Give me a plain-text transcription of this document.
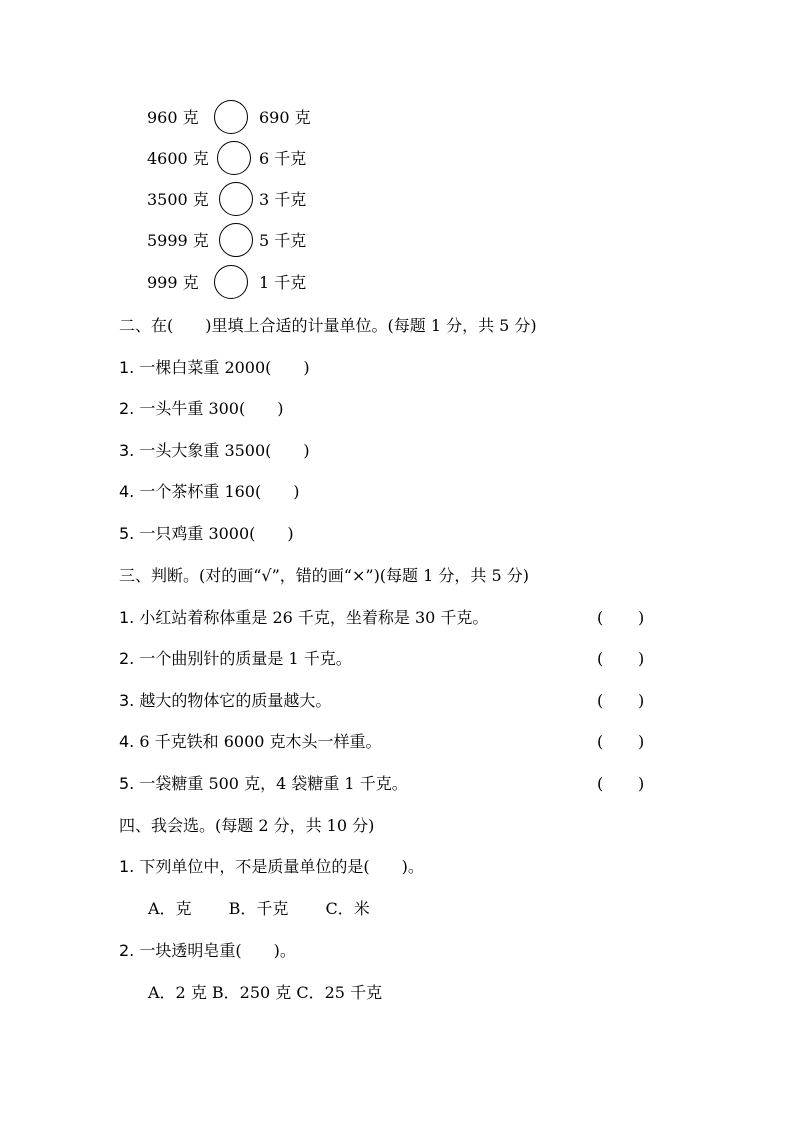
960 克	690 克
4600 克	6 千克
3500 克	3 千克
5999 克	5 千克
999 克	1 千克
二、在(　　)里填上合适的计量单位。(每题 1 分，共 5 分)
1. 一棵白菜重 2000(　　)
2. 一头牛重 300(　　)
3. 一头大象重 3500(　　)
4. 一个茶杯重 160(　　)
5. 一只鸡重 3000(　　)
三、判断。(对的画“√”，错的画“×”)(每题 1 分，共 5 分)
1. 小红站着称体重是 26 千克，坐着称是 30 千克。	( )
2. 一个曲别针的质量是 1 千克。	( )
3. 越大的物体它的质量越大。	( )
4. 6 千克铁和 6000 克木头一样重。	( )
5. 一袋糖重 500 克，4 袋糖重 1 千克。	( )
四、我会选。(每题 2 分，共 10 分)
1. 下列单位中，不是质量单位的是(　　)。
A．克　　 B．千克　　 C．米
2. 一块透明皂重(　　)。
A．2 克 B．250 克 C．25 千克
